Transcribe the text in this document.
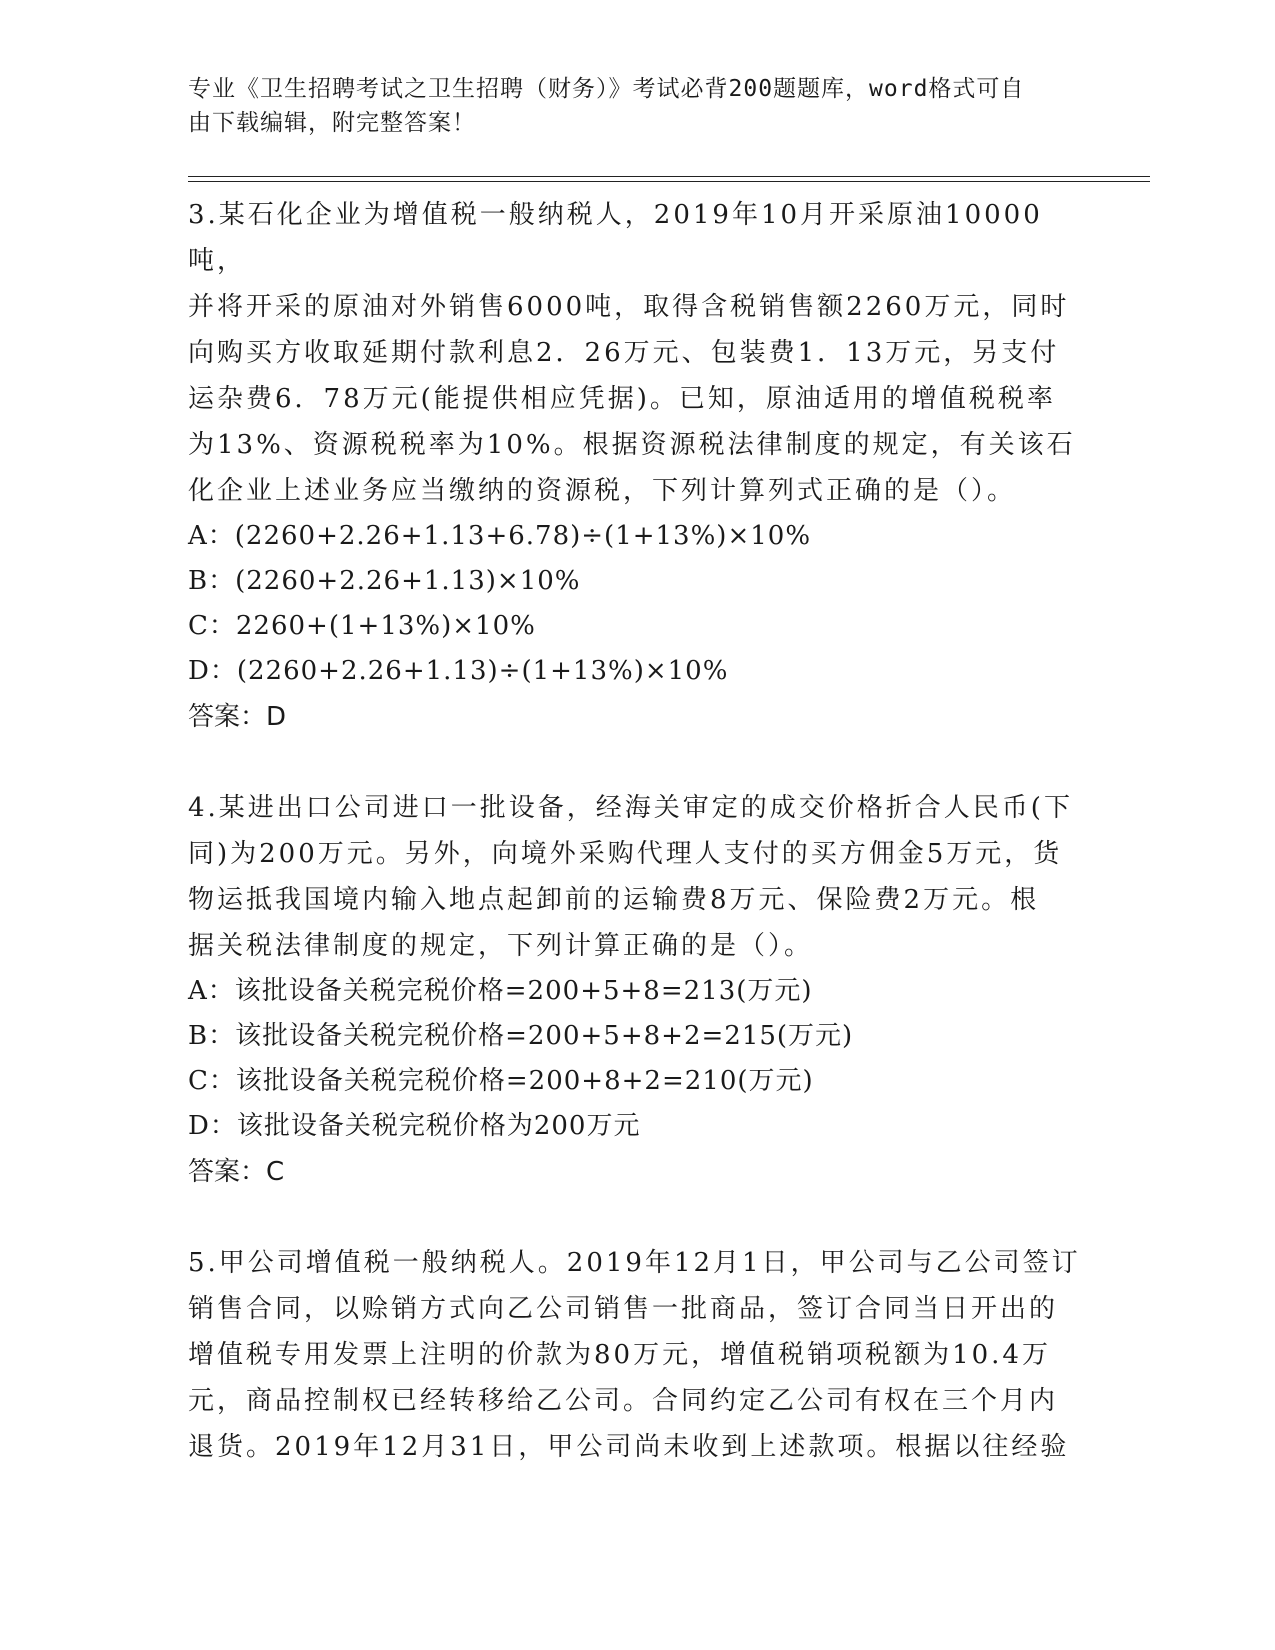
专业《卫生招聘考试之卫生招聘（财务）》考试必背200题题库，word格式可自
由下载编辑，附完整答案！

3.某石化企业为增值税一般纳税人，2019年10月开采原油10000吨，

并将开采的原油对外销售6000吨，取得含税销售额2260万元，同时

向购买方收取延期付款利息2．26万元、包装费1．13万元，另支付

运杂费6．78万元(能提供相应凭据)。已知，原油适用的增值税税率

为13%、资源税税率为10%。根据资源税法律制度的规定，有关该石

化企业上述业务应当缴纳的资源税，下列计算列式正确的是（）。

A：(2260+2.26+1.13+6.78)÷(1+13%)×10%

B：(2260+2.26+1.13)×10%

C：2260+(1+13%)×10%

D：(2260+2.26+1.13)÷(1+13%)×10%

答案：D

4.某进出口公司进口一批设备，经海关审定的成交价格折合人民币(下

同)为200万元。另外，向境外采购代理人支付的买方佣金5万元，货

物运抵我国境内输入地点起卸前的运输费8万元、保险费2万元。根

据关税法律制度的规定，下列计算正确的是（）。

A：该批设备关税完税价格=200+5+8=213(万元)

B：该批设备关税完税价格=200+5+8+2=215(万元)

C：该批设备关税完税价格=200+8+2=210(万元)

D：该批设备关税完税价格为200万元

答案：C

5.甲公司增值税一般纳税人。2019年12月1日，甲公司与乙公司签订

销售合同，以赊销方式向乙公司销售一批商品，签订合同当日开出的

增值税专用发票上注明的价款为80万元，增值税销项税额为10.4万

元，商品控制权已经转移给乙公司。合同约定乙公司有权在三个月内

退货。2019年12月31日，甲公司尚未收到上述款项。根据以往经验
